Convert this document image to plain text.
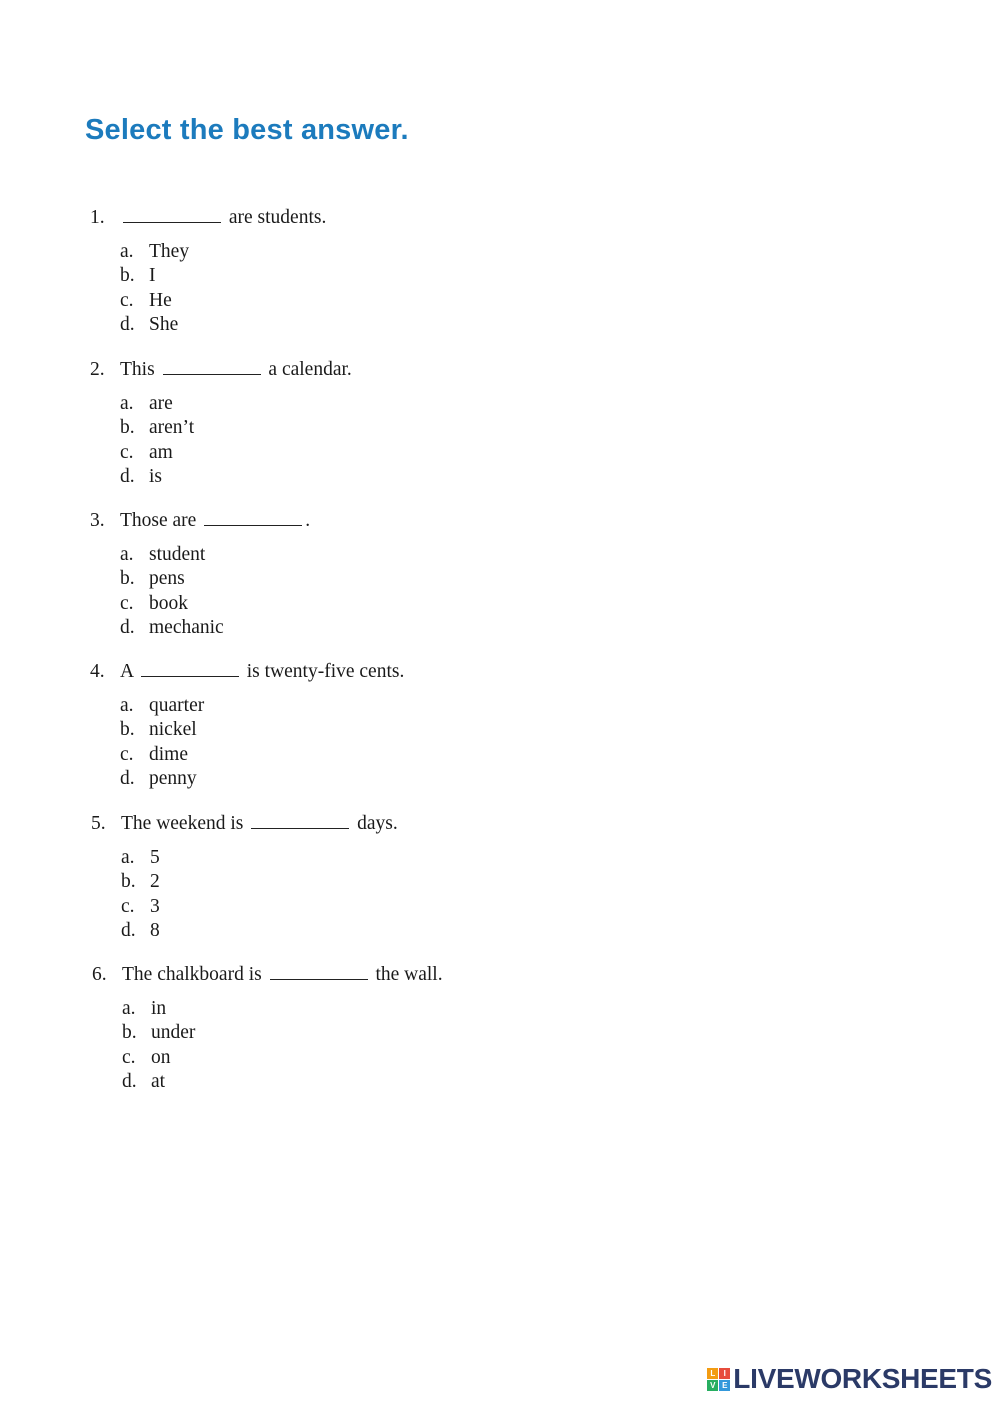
Select the best answer.
1.	are students.
a. They
b. I
c. He
d. She
2. This	a calendar.
a. are
b. aren’t
c. am
d. is
3. Those are	.
a. student
b. pens
c. book
d. mechanic
4. A	is twenty-five cents.
a. quarter
b. nickel
c. dime
d. penny
5. The weekend is	days.
a. 5
b. 2
c. 3
d. 8
6. The chalkboard is	the wall.
a. in
b. under
c. on
d. at
L	I
V E LIVEWORKSHEETS
